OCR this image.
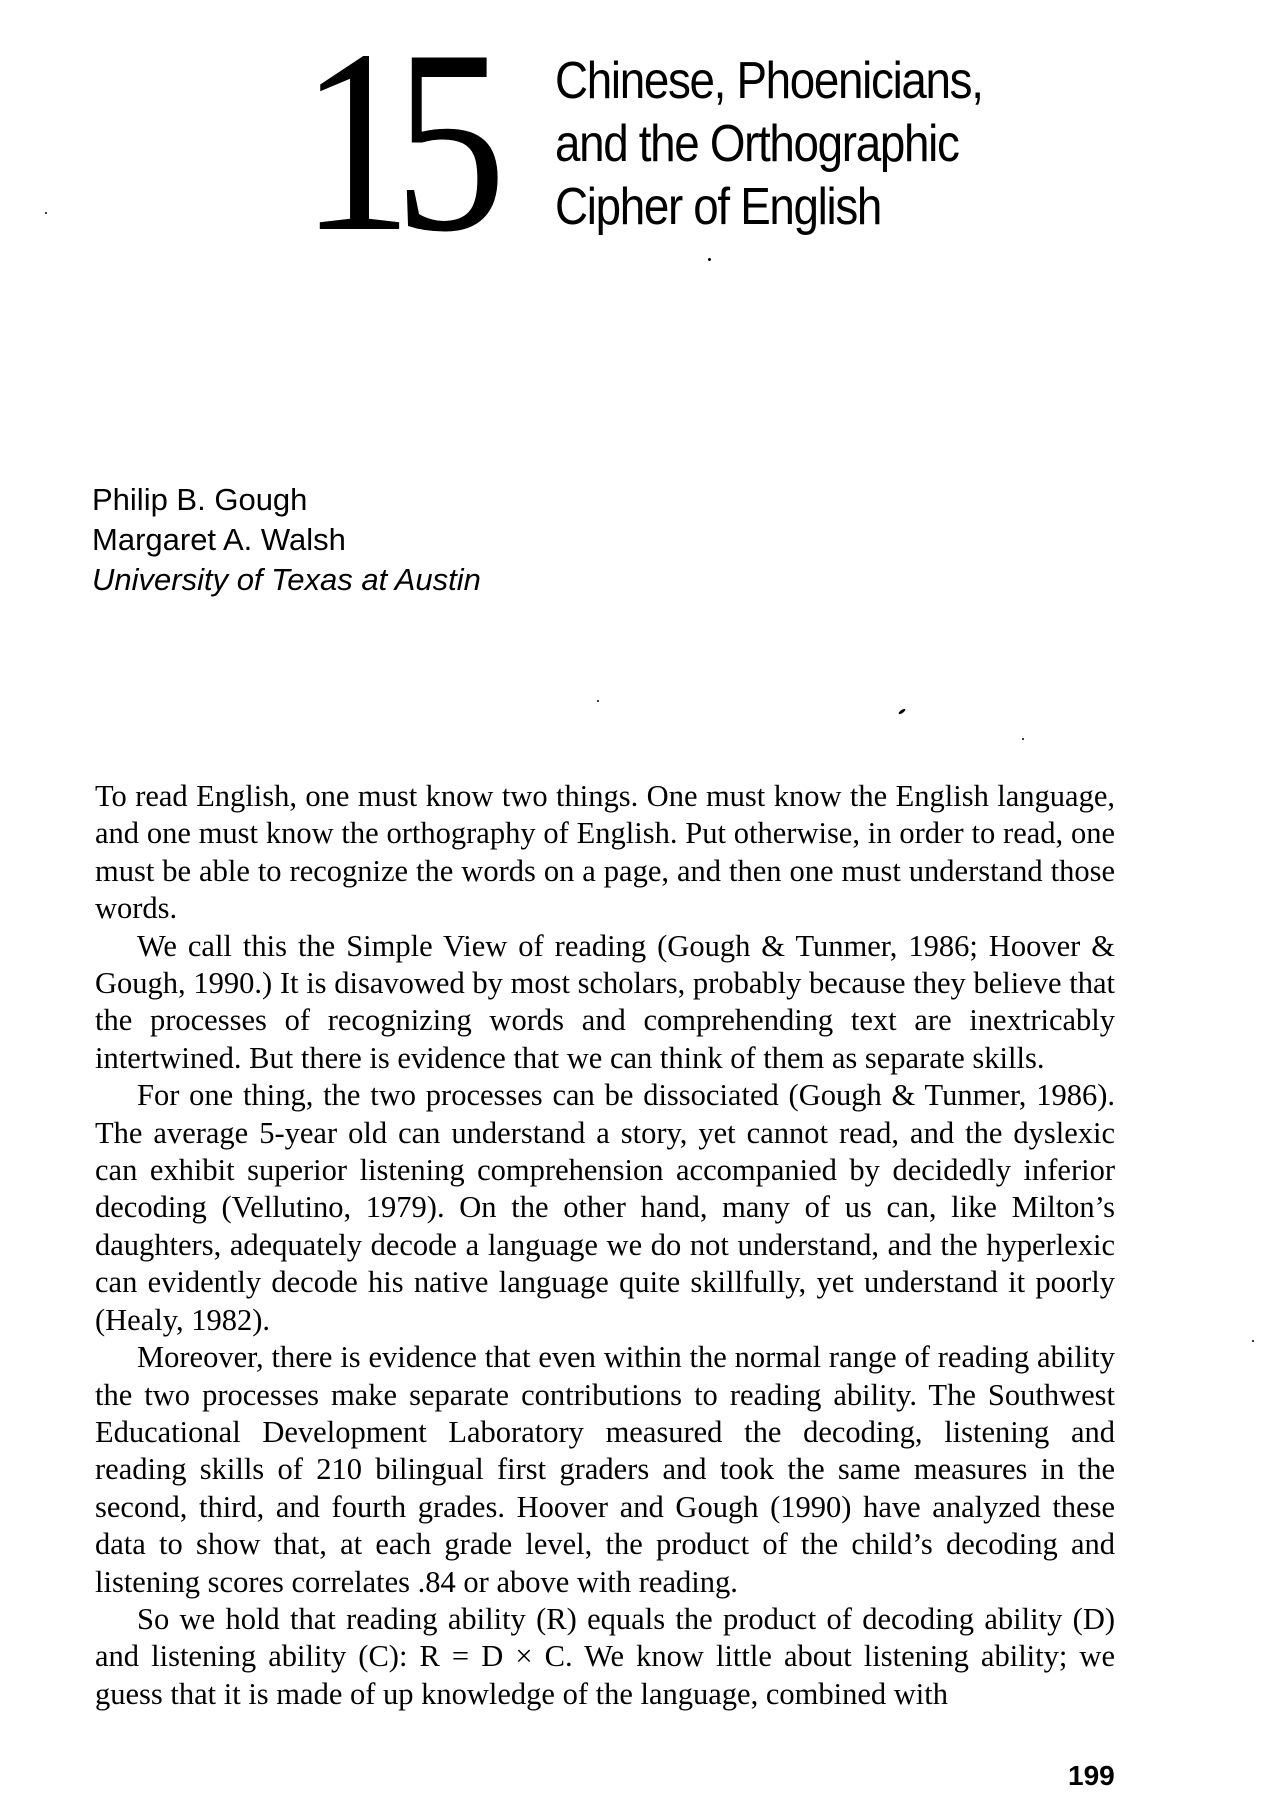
15 Chinese, Phoenicians,
and the Orthographic
Cipher of English
Philip B. Gough
Margaret A. Walsh
University of Texas at Austin

To read English, one must know two things. One must know the English language, and one must know the orthography of English. Put otherwise, in order to read, one must be able to recognize the words on a page, and then one must understand those words.

We call this the Simple View of reading (Gough & Tunmer, 1986; Hoover & Gough, 1990.) It is disavowed by most scholars, probably because they believe that the processes of recognizing words and comprehending text are inextricably intertwined. But there is evidence that we can think of them as separate skills.

For one thing, the two processes can be dissociated (Gough & Tunmer, 1986). The average 5-year old can understand a story, yet cannot read, and the dyslexic can exhibit superior listening comprehension accompanied by decidedly inferior decoding (Vellutino, 1979). On the other hand, many of us can, like Milton’s daughters, adequately decode a language we do not understand, and the hyperlexic can evidently decode his native language quite skillfully, yet understand it poorly (Healy, 1982).

Moreover, there is evidence that even within the normal range of reading ability the two processes make separate contributions to reading ability. The Southwest Educational Development Laboratory measured the decoding, listening and reading skills of 210 bilingual first graders and took the same measures in the second, third, and fourth grades. Hoover and Gough (1990) have analyzed these data to show that, at each grade level, the product of the child’s decoding and listening scores correlates .84 or above with reading.

So we hold that reading ability (R) equals the product of decoding ability (D) and listening ability (C): R = D × C. We know little about listening ability; we guess that it is made of up knowledge of the language, combined with

199
